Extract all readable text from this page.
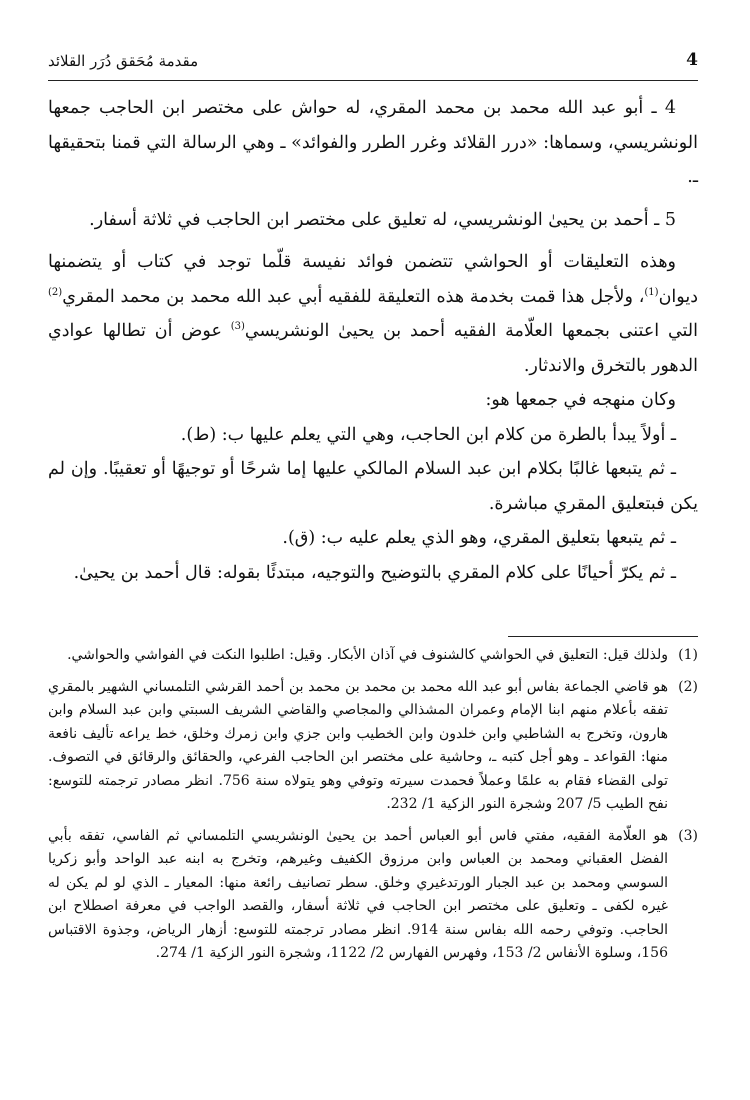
4
مقدمة مُحَقق دُرَر القلائد

4 ـ أبو عبد الله محمد بن محمد المقري، له حواش على مختصر ابن الحاجب جمعها الونشريسي، وسماها: «درر القلائد وغرر الطرر والفوائد» ـ وهي الرسالة التي قمنا بتحقيقها ـ.

5 ـ أحمد بن يحيىٰ الونشريسي، له تعليق على مختصر ابن الحاجب في ثلاثة أسفار.

وهذه التعليقات أو الحواشي تتضمن فوائد نفيسة قلّما توجد في كتاب أو يتضمنها ديوان$^{(1)}$، ولأجل هذا قمت بخدمة هذه التعليقة للفقيه أبي عبد الله محمد بن محمد المقري$^{(2)}$ التي اعتنى بجمعها العلّامة الفقيه أحمد بن يحيىٰ الونشريسي$^{(3)}$ عوض أن تطالها عوادي الدهور بالتخرق والاندثار.

وكان منهجه في جمعها هو:

ـ أولاً يبدأ بالطرة من كلام ابن الحاجب، وهي التي يعلم عليها ب: (ط).

ـ ثم يتبعها غالبًا بكلام ابن عبد السلام المالكي عليها إما شرحًا أو توجيهًا أو تعقيبًا. وإن لم يكن فبتعليق المقري مباشرة.

ـ ثم يتبعها بتعليق المقري، وهو الذي يعلم عليه ب: (ق).

ـ ثم يكرّ أحيانًا على كلام المقري بالتوضيح والتوجيه، مبتدئًا بقوله: قال أحمد بن يحيىٰ.

(1)
ولذلك قيل: التعليق في الحواشي كالشنوف في آذان الأبكار. وقيل: اطلبوا النكت في الفواشي والحواشي.
(2)
هو قاضي الجماعة بفاس أبو عبد الله محمد بن محمد بن محمد بن أحمد القرشي التلمساني الشهير بالمقري تفقه بأعلام منهم ابنا الإمام وعمران المشذالي والمجاصي والقاضي الشريف السبتي وابن عبد السلام وابن هارون، وتخرج به الشاطبي وابن خلدون وابن الخطيب وابن جزي وابن زمرك وخلق، خط يراعه تأليف نافعة منها: القواعد ـ وهو أجل كتبه ـ، وحاشية على مختصر ابن الحاجب الفرعي، والحقائق والرقائق في التصوف. تولى القضاء فقام به علمًا وعملاً فحمدت سيرته وتوفي وهو يتولاه سنة 756. انظر مصادر ترجمته للتوسع: نفح الطيب 5/ 207 وشجرة النور الزكية 1/ 232.
(3)
هو العلّامة الفقيه، مفتي فاس أبو العباس أحمد بن يحيىٰ الونشريسي التلمساني ثم الفاسي، تفقه بأبي الفضل العقباني ومحمد بن العباس وابن مرزوق الكفيف وغيرهم، وتخرج به ابنه عبد الواحد وأبو زكريا السوسي ومحمد بن عبد الجبار الورتدغيري وخلق. سطر تصانيف رائعة منها: المعيار ـ الذي لو لم يكن له غيره لكفى ـ وتعليق على مختصر ابن الحاجب في ثلاثة أسفار، والقصد الواجب في معرفة اصطلاح ابن الحاجب. وتوفي رحمه الله بفاس سنة 914. انظر مصادر ترجمته للتوسع: أزهار الرياض، وجذوة الاقتباس 156، وسلوة الأنفاس 2/ 153، وفهرس الفهارس 2/ 1122، وشجرة النور الزكية 1/ 274.
